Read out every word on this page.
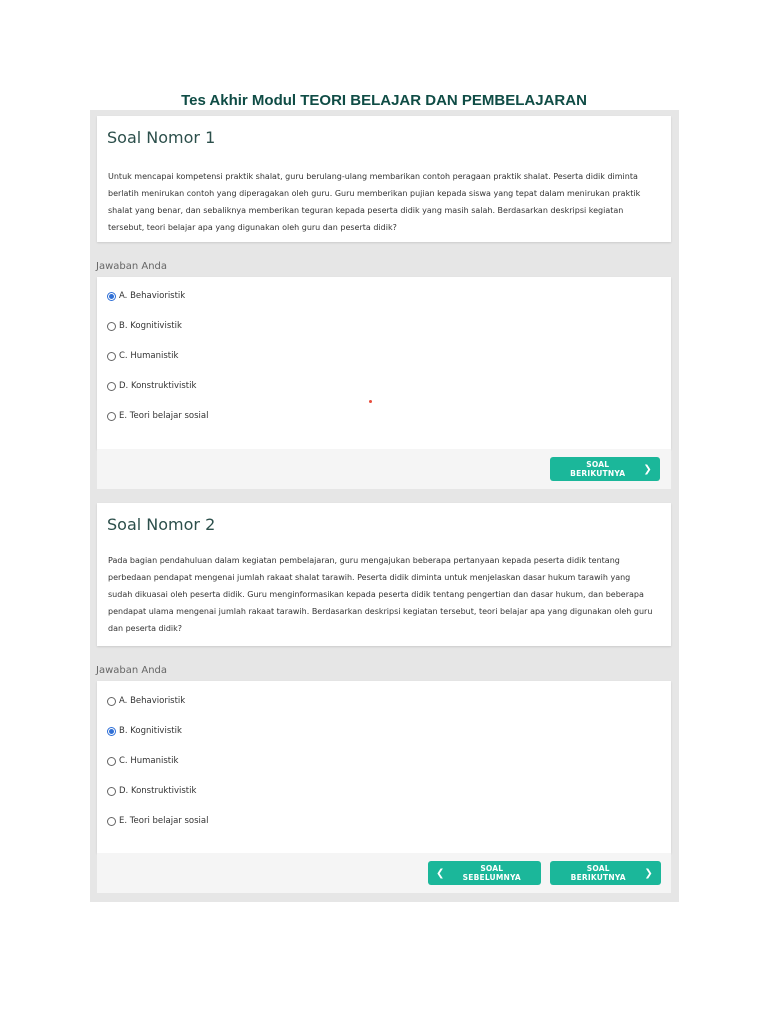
Tes Akhir Modul TEORI BELAJAR DAN PEMBELAJARAN
Soal Nomor 1
Untuk mencapai kompetensi praktik shalat, guru berulang-ulang membarikan contoh peragaan praktik shalat. Peserta didik diminta berlatih menirukan contoh yang diperagakan oleh guru. Guru memberikan pujian kepada siswa yang tepat dalam menirukan praktik shalat yang benar, dan sebaliknya memberikan teguran kepada peserta didik yang masih salah. Berdasarkan deskripsi kegiatan tersebut, teori belajar apa yang digunakan oleh guru dan peserta didik?
Jawaban Anda
A. Behavioristik
B. Kognitivistik
C. Humanistik
D. Konstruktivistik
E. Teori belajar sosial
SOAL BERIKUTNYA	❯
Soal Nomor 2
Pada bagian pendahuluan dalam kegiatan pembelajaran, guru mengajukan beberapa pertanyaan kepada peserta didik tentang perbedaan pendapat mengenai jumlah rakaat shalat tarawih. Peserta didik diminta untuk menjelaskan dasar hukum tarawih yang sudah dikuasai oleh peserta didik. Guru menginformasikan kepada peserta didik tentang pengertian dan dasar hukum, dan beberapa pendapat ulama mengenai jumlah rakaat tarawih. Berdasarkan deskripsi kegiatan tersebut, teori belajar apa yang digunakan oleh guru dan peserta didik?
Jawaban Anda
A. Behavioristik
B. Kognitivistik
C. Humanistik
D. Konstruktivistik
E. Teori belajar sosial
❮	SOAL SEBELUMNYA
SOAL BERIKUTNYA	❯
